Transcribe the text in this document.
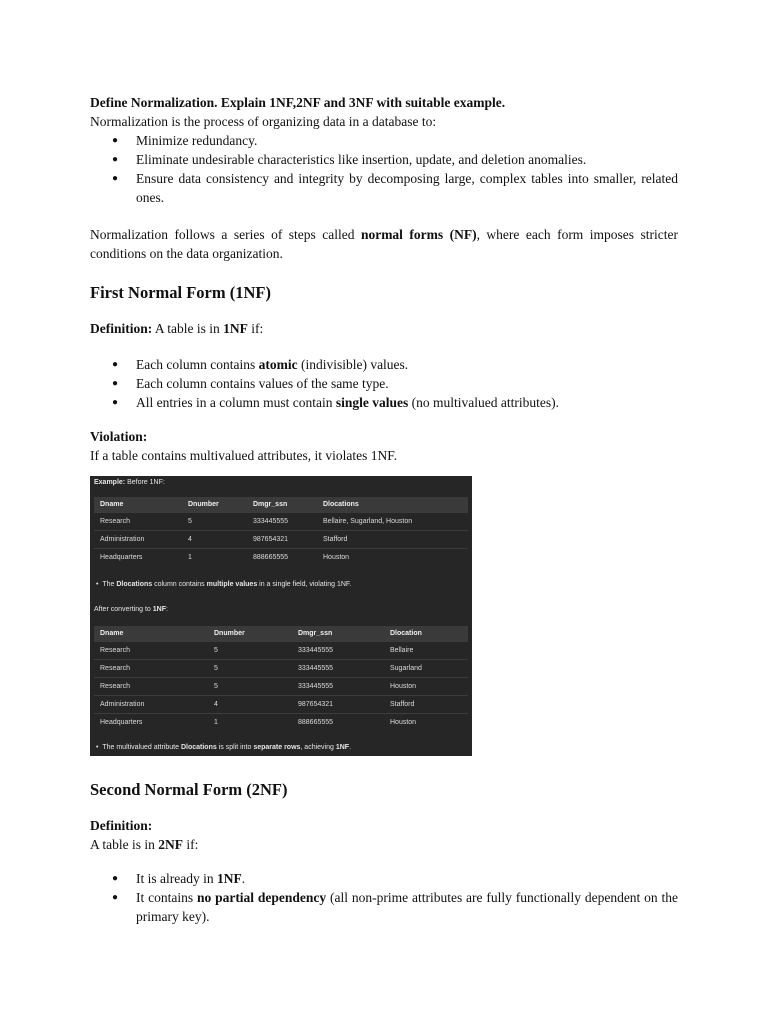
Define Normalization. Explain 1NF,2NF and 3NF with suitable example.

Normalization is the process of organizing data in a database to:

● Minimize redundancy.
● Eliminate undesirable characteristics like insertion, update, and deletion anomalies.
● Ensure data consistency and integrity by decomposing large, complex tables into smaller, related ones.

Normalization follows a series of steps called normal forms (NF), where each form imposes stricter conditions on the data organization.

First Normal Form (1NF)

Definition: A table is in 1NF if:

● Each column contains atomic (indivisible) values.
● Each column contains values of the same type.
● All entries in a column must contain single values (no multivalued attributes).

Violation:

If a table contains multivalued attributes, it violates 1NF.

Example: Before 1NF:
Dname	Dnumber	Dmgr_ssn	Dlocations
Research	5	333445555	Bellaire, Sugarland, Houston
Administration	4	987654321	Stafford
Headquarters	1	888665555	Houston
•  The Dlocations column contains multiple values in a single field, violating 1NF.
After converting to 1NF:
Dname	Dnumber	Dmgr_ssn	Dlocation
Research	5	333445555	Bellaire
Research	5	333445555	Sugarland
Research	5	333445555	Houston
Administration	4	987654321	Stafford
Headquarters	1	888665555	Houston
•  The multivalued attribute Dlocations is split into separate rows, achieving 1NF.
Second Normal Form (2NF)

Definition:

A table is in 2NF if:

● It is already in 1NF.
● It contains no partial dependency (all non-prime attributes are fully functionally dependent on the primary key).
